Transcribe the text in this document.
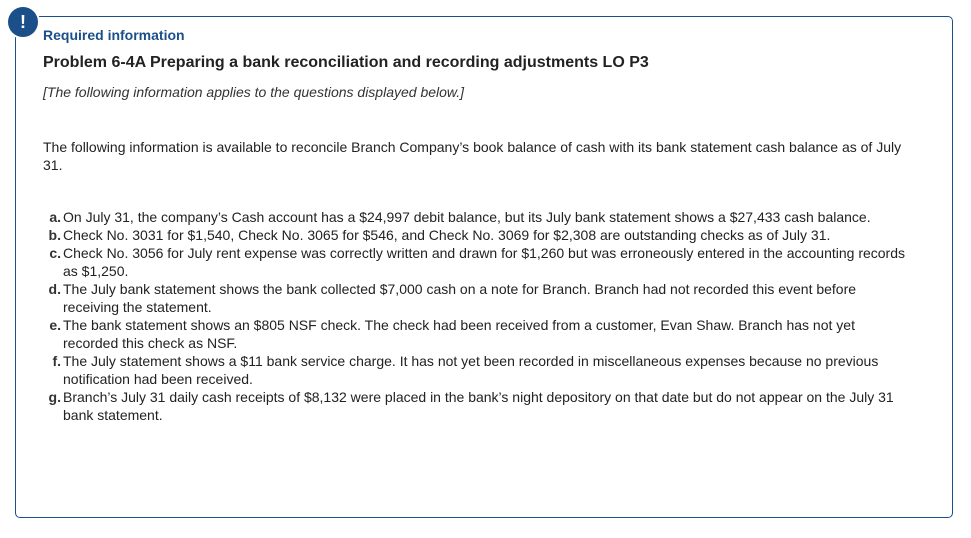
!

Required information

Problem 6-4A Preparing a bank reconciliation and recording adjustments LO P3

[The following information applies to the questions displayed below.]

The following information is available to reconcile Branch Company’s book balance of cash with its bank statement cash balance as of July 31.

a. On July 31, the company’s Cash account has a $24,997 debit balance, but its July bank statement shows a $27,433 cash balance.
b. Check No. 3031 for $1,540, Check No. 3065 for $546, and Check No. 3069 for $2,308 are outstanding checks as of July 31.
c. Check No. 3056 for July rent expense was correctly written and drawn for $1,260 but was erroneously entered in the accounting records as $1,250.
d. The July bank statement shows the bank collected $7,000 cash on a note for Branch. Branch had not recorded this event before receiving the statement.
e. The bank statement shows an $805 NSF check. The check had been received from a customer, Evan Shaw. Branch has not yet recorded this check as NSF.
f. The July statement shows a $11 bank service charge. It has not yet been recorded in miscellaneous expenses because no previous notification had been received.
g. Branch’s July 31 daily cash receipts of $8,132 were placed in the bank’s night depository on that date but do not appear on the July 31 bank statement.
